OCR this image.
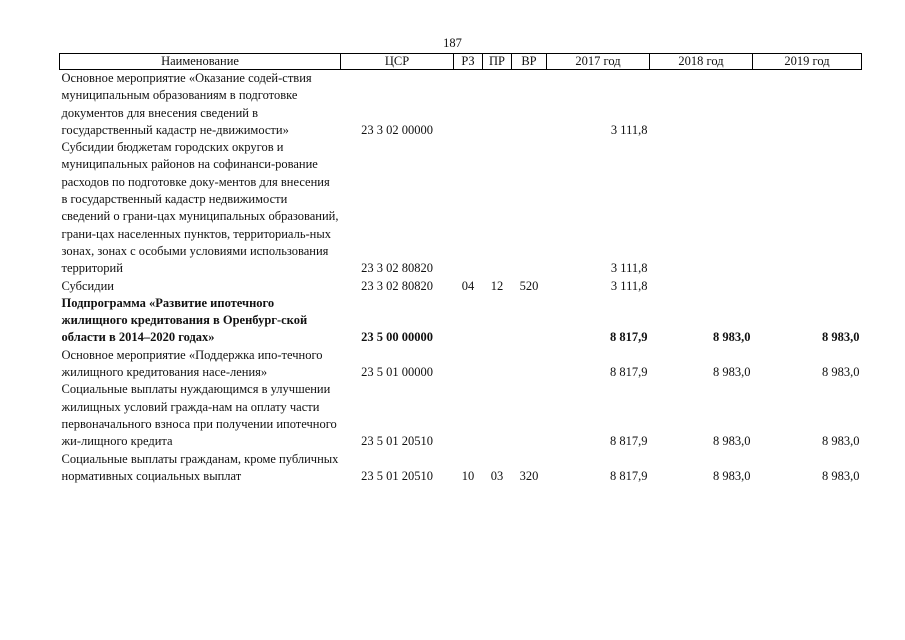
187
Наименование	ЦСР	РЗ	ПР	ВР	2017 год	2018 год	2019 год
Основное мероприятие «Оказание содей-ствия муниципальным образованиям в подготовке документов для внесения сведений в государственный кадастр не-движимости»	23 3 02 00000				3 111,8		
Субсидии бюджетам городских округов и муниципальных районов на софинанси-рование расходов по подготовке доку-ментов для внесения в государственный кадастр недвижимости сведений о грани-цах муниципальных образований, грани-цах населенных пунктов, территориаль-ных зонах, зонах с особыми условиями использования территорий	23 3 02 80820				3 111,8		
Субсидии	23 3 02 80820	04	12	520	3 111,8		
Подпрограмма «Развитие ипотечного жилищного кредитования в Оренбург-ской области в 2014–2020 годах»	23 5 00 00000				8 817,9	8 983,0	8 983,0
Основное мероприятие «Поддержка ипо-течного жилищного кредитования насе-ления»	23 5 01 00000				8 817,9	8 983,0	8 983,0
Социальные выплаты нуждающимся в улучшении жилищных условий гражда-нам на оплату части первоначального взноса при получении ипотечного жи-лищного кредита	23 5 01 20510				8 817,9	8 983,0	8 983,0
Социальные выплаты гражданам, кроме публичных нормативных социальных выплат	23 5 01 20510	10	03	320	8 817,9	8 983,0	8 983,0
